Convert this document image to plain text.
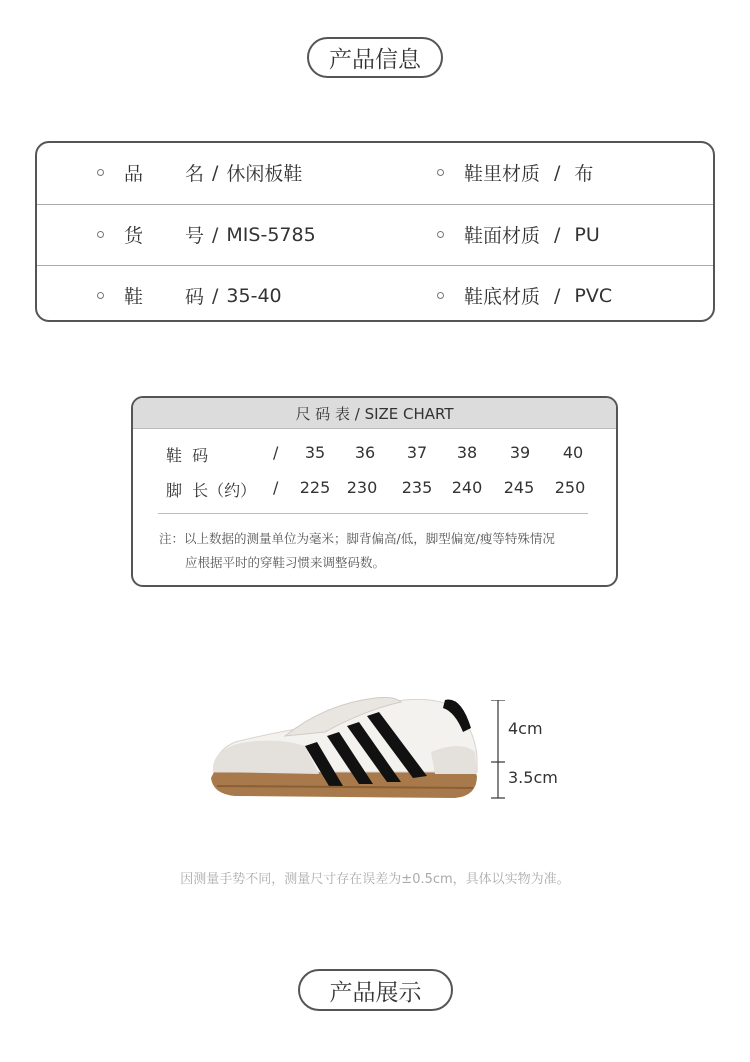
产品信息
品 名 / 休闲板鞋	鞋里材质 / 布
货 号 / MIS-5785	鞋面材质 / PU
鞋 码 / 35-40	鞋底材质 / PVC
尺 码 表 / SIZE CHART
鞋  码	/	35	36	37	38	39	40
脚  长（约） /	225	230	235	240	245	250
注：以上数据的测量单位为毫米；脚背偏高/低，脚型偏宽/瘦等特殊情况
应根据平时的穿鞋习惯来调整码数。
4cm
3.5cm
因测量手势不同，测量尺寸存在误差为±0.5cm，具体以实物为准。
产品展示
